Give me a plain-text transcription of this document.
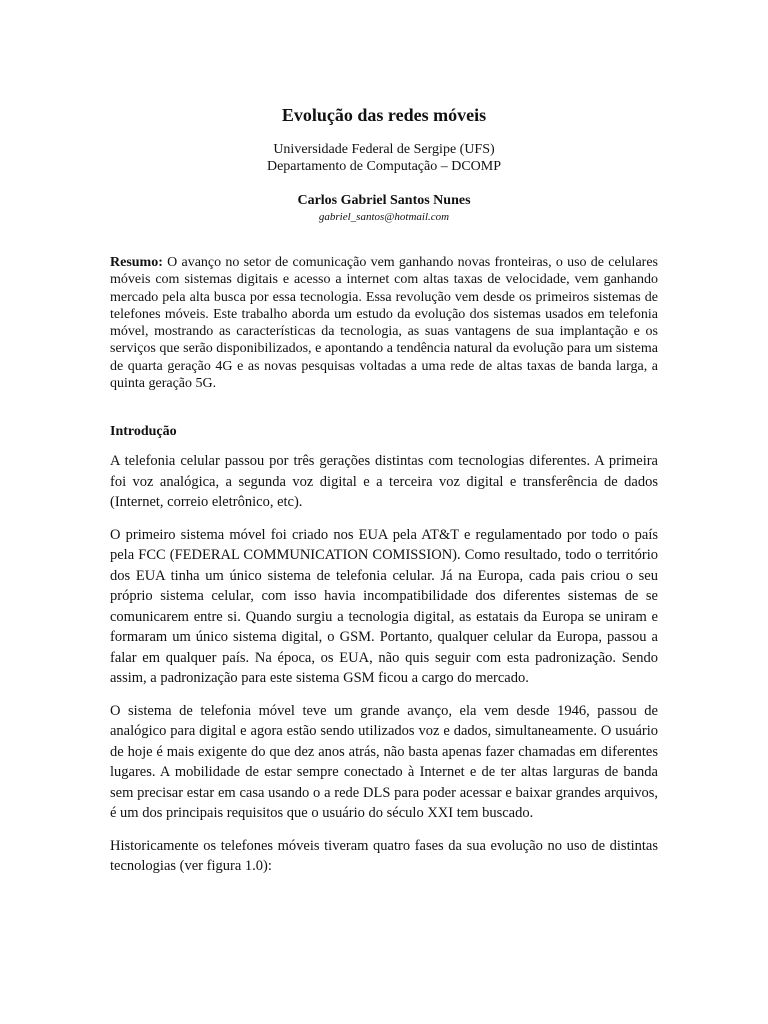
Evolução das redes móveis

Universidade Federal de Sergipe (UFS)

Departamento de Computação – DCOMP

Carlos Gabriel Santos Nunes

gabriel_santos@hotmail.com

Resumo: O avanço no setor de comunicação vem ganhando novas fronteiras, o uso de celulares móveis com sistemas digitais e acesso a internet com altas taxas de velocidade, vem ganhando mercado pela alta busca por essa tecnologia. Essa revolução vem desde os primeiros sistemas de telefones móveis. Este trabalho aborda um estudo da evolução dos sistemas usados em telefonia móvel, mostrando as características da tecnologia, as suas vantagens de sua implantação e os serviços que serão disponibilizados, e apontando a tendência natural da evolução para um sistema de quarta geração 4G e as novas pesquisas voltadas a uma rede de altas taxas de banda larga, a quinta geração 5G.

Introdução

A telefonia celular passou por três gerações distintas com tecnologias diferentes. A primeira foi voz analógica, a segunda voz digital e a terceira voz digital e transferência de dados (Internet, correio eletrônico, etc).

O primeiro sistema móvel foi criado nos EUA pela AT&T e regulamentado por todo o país pela FCC (FEDERAL COMMUNICATION COMISSION). Como resultado, todo o território dos EUA tinha um único sistema de telefonia celular. Já na Europa, cada pais criou o seu próprio sistema celular, com isso havia incompatibilidade dos diferentes sistemas de se comunicarem entre si. Quando surgiu a tecnologia digital, as estatais da Europa se uniram e formaram um único sistema digital, o GSM. Portanto, qualquer celular da Europa, passou a falar em qualquer país. Na época, os EUA, não quis seguir com esta padronização. Sendo assim, a padronização para este sistema GSM ficou a cargo do mercado.

O sistema de telefonia móvel teve um grande avanço, ela vem desde 1946, passou de analógico para digital e agora estão sendo utilizados voz e dados, simultaneamente. O usuário de hoje é mais exigente do que dez anos atrás, não basta apenas fazer chamadas em diferentes lugares. A mobilidade de estar sempre conectado à Internet e de ter altas larguras de banda sem precisar estar em casa usando o a rede DLS para poder acessar e baixar grandes arquivos, é um dos principais requisitos que o usuário do século XXI tem buscado.

Historicamente os telefones móveis tiveram quatro fases da sua evolução no uso de distintas tecnologias (ver figura 1.0):
